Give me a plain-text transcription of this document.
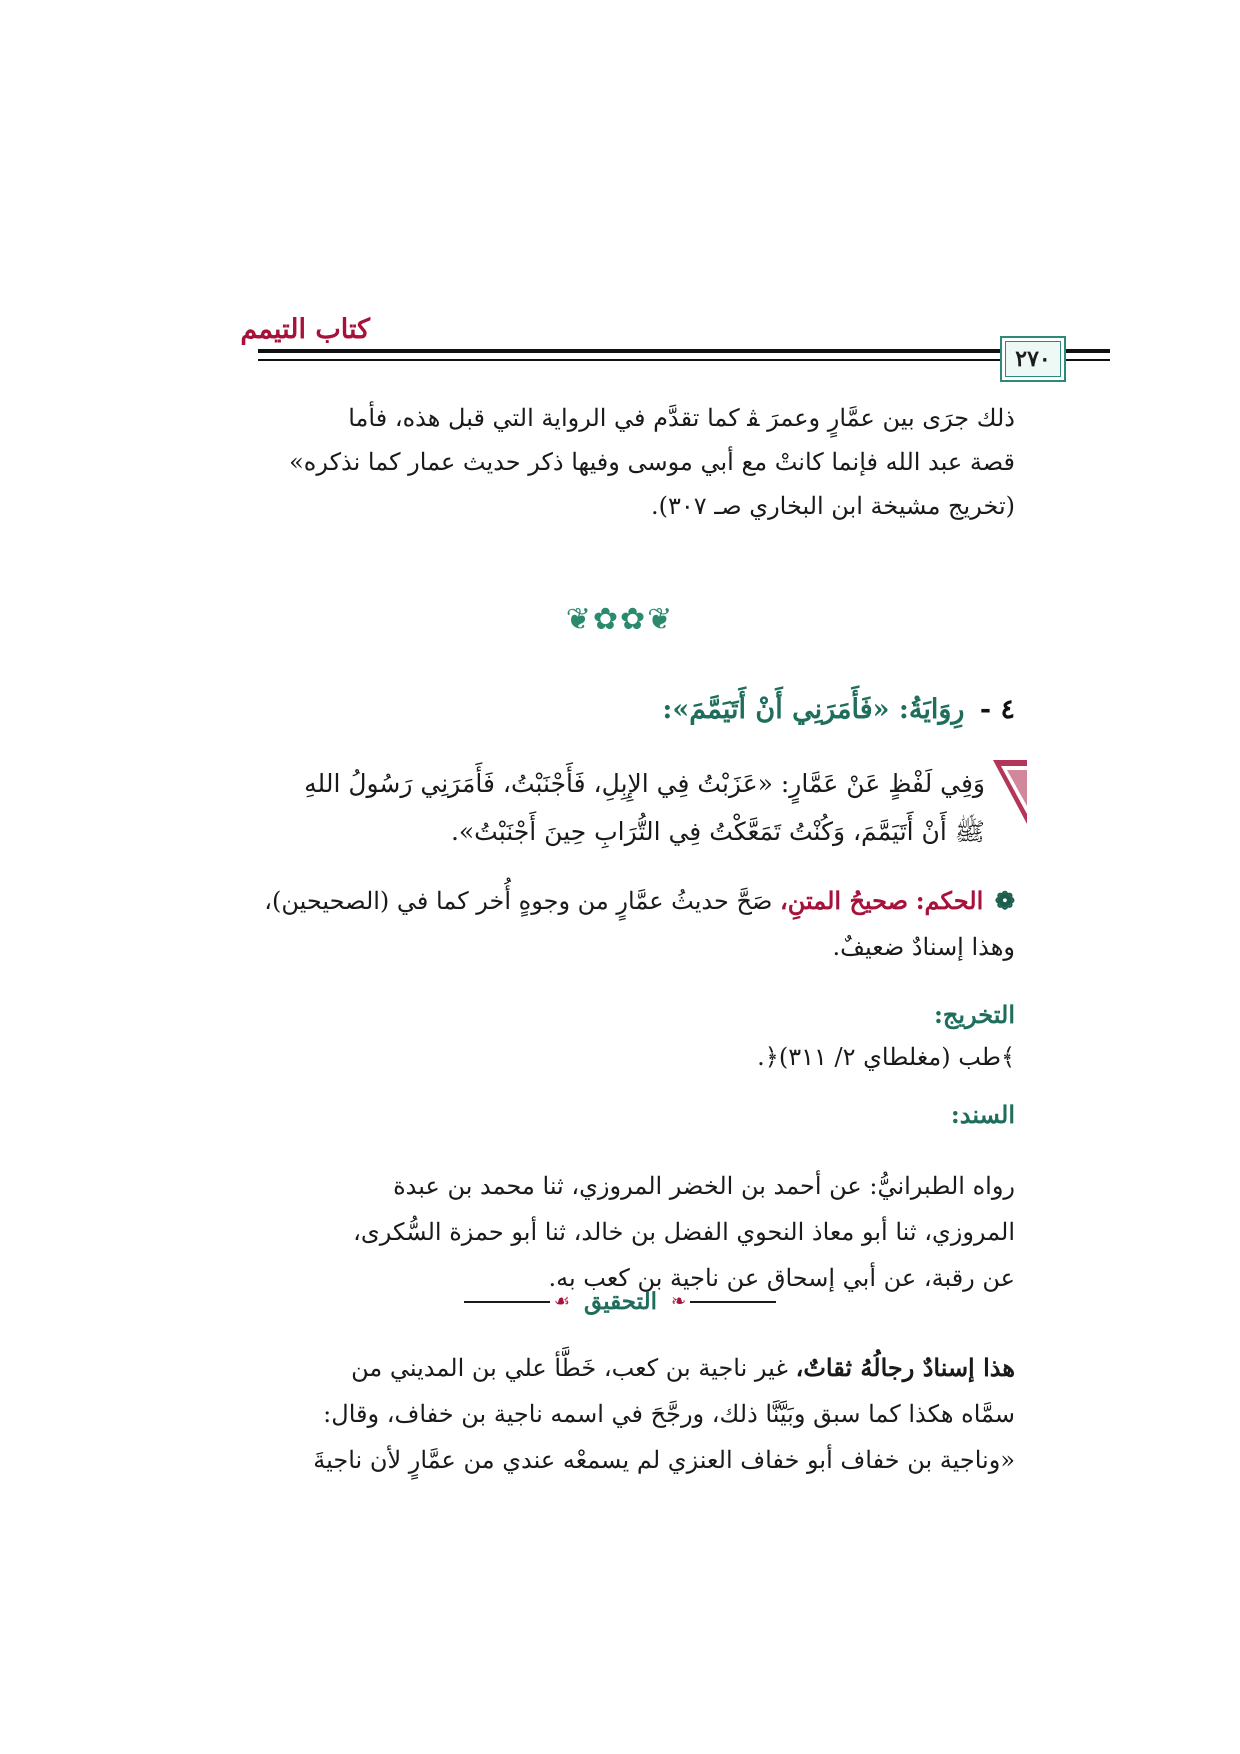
كتاب التيمم
٢٧٠
ذلك جرَى بين عمَّارٍ وعمرَ ﭭ كما تقدَّم في الرواية التي قبل هذه، فأما
قصة عبد الله فإنما كانتْ مع أبي موسى وفيها ذكر حديث عمار كما نذكره»
(تخريج مشيخة ابن البخاري صـ ٣٠٧).
❦✿✿❦
٤ - رِوَايَةُ: «فَأَمَرَنِي أَنْ أَتَيَمَّمَ»:
وَفِي لَفْظٍ عَنْ عَمَّارٍ: «عَزَبْتُ فِي الإِبِلِ، فَأَجْنَبْتُ، فَأَمَرَنِي رَسُولُ اللهِ
ﷺ أَنْ أَتَيَمَّمَ، وَكُنْتُ تَمَعَّكْتُ فِي التُّرَابِ حِينَ أَجْنَبْتُ».
❁ الحكم: صحيحُ المتنِ، صَحَّ حديثُ عمَّارٍ من وجوهٍ أُخر كما في (الصحيحين)،
وهذا إسنادٌ ضعيفٌ.
التخريج:
﴾طب (مغلطاي ٢/ ٣١١)﴿.
السند:
رواه الطبرانيُّ: عن أحمد بن الخضر المروزي، ثنا محمد بن عبدة
المروزي، ثنا أبو معاذ النحوي الفضل بن خالد، ثنا أبو حمزة السُّكرى،
عن رقبة، عن أبي إسحاق عن ناجية بن كعب به.
❧
التحقيق
☙
هذا إسنادٌ رجالُهُ ثقاتٌ، غير ناجية بن كعب، خَطَّأ علي بن المديني من
سمَّاه هكذا كما سبق وبَيَّنَّا ذلك، ورجَّحَ في اسمه ناجية بن خفاف، وقال:
«وناجية بن خفاف أبو خفاف العنزي لم يسمعْه عندي من عمَّارٍ لأن ناجيةَ
